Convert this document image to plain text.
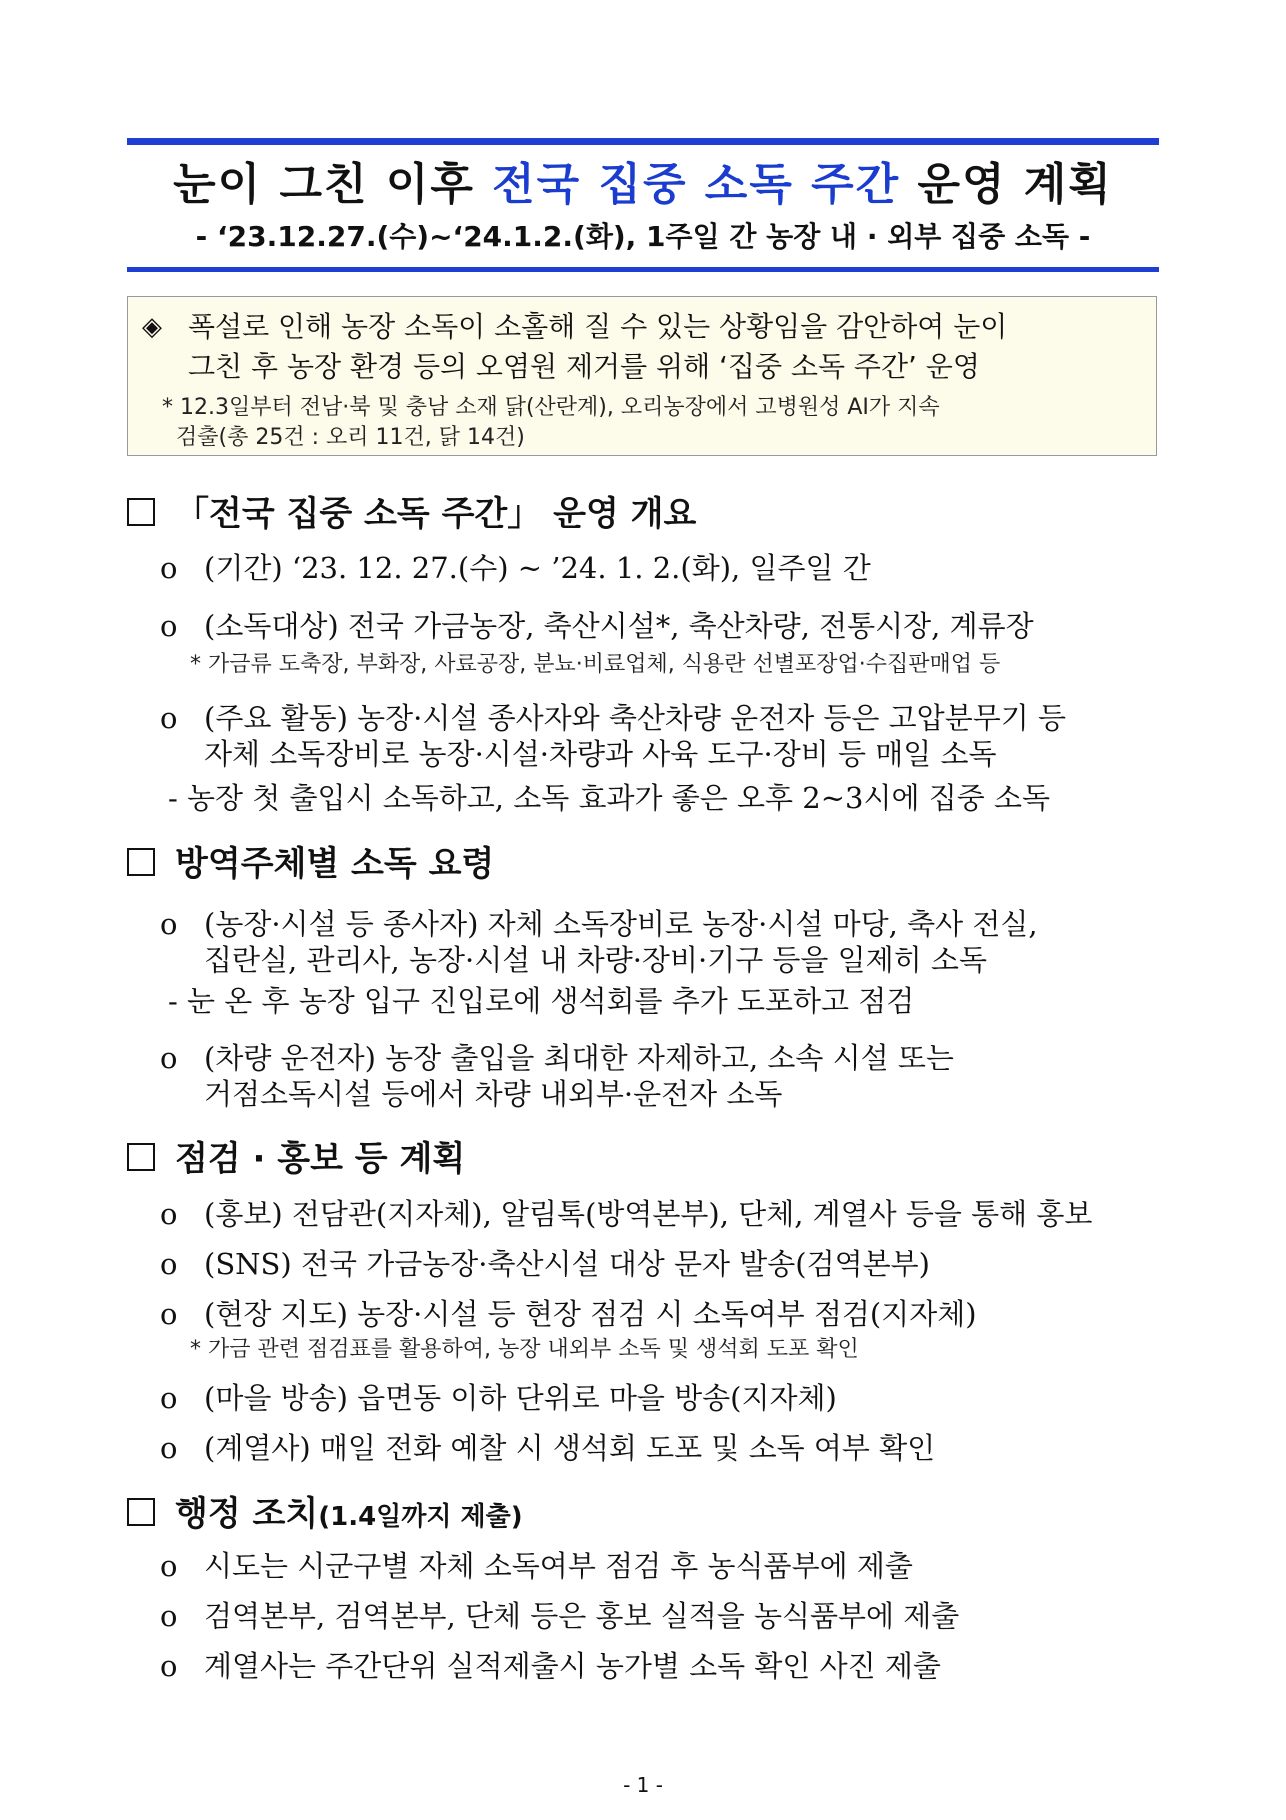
눈이 그친 이후 전국 집중 소독 주간 운영 계획
- ‘23.12.27.(수)~‘24.1.2.(화), 1주일 간 농장 내 · 외부 집중 소독 -
◈ 폭설로 인해 농장 소독이 소홀해 질 수 있는 상황임을 감안하여 눈이
그친 후 농장 환경 등의 오염원 제거를 위해 ‘집중 소독 주간’ 운영
* 12.3일부터 전남·북 및 충남 소재 닭(산란계), 오리농장에서 고병원성 AI가 지속
검출(총 25건 : 오리 11건, 닭 14건)
「전국 집중 소독 주간」 운영 개요
o (기간) ‘23. 12. 27.(수) ~ ’24. 1. 2.(화), 일주일 간
o (소독대상) 전국 가금농장, 축산시설*, 축산차량, 전통시장, 계류장
* 가금류 도축장, 부화장, 사료공장, 분뇨·비료업체, 식용란 선별포장업·수집판매업 등
o (주요 활동) 농장·시설 종사자와 축산차량 운전자 등은 고압분무기 등
자체 소독장비로 농장·시설·차량과 사육 도구·장비 등 매일 소독
- 농장 첫 출입시 소독하고, 소독 효과가 좋은 오후 2~3시에 집중 소독
방역주체별 소독 요령
o (농장·시설 등 종사자) 자체 소독장비로 농장·시설 마당, 축사 전실,
집란실, 관리사, 농장·시설 내 차량·장비·기구 등을 일제히 소독
- 눈 온 후 농장 입구 진입로에 생석회를 추가 도포하고 점검
o (차량 운전자) 농장 출입을 최대한 자제하고, 소속 시설 또는
거점소독시설 등에서 차량 내외부·운전자 소독
점검 · 홍보 등 계획
o (홍보) 전담관(지자체), 알림톡(방역본부), 단체, 계열사 등을 통해 홍보
o (SNS) 전국 가금농장·축산시설 대상 문자 발송(검역본부)
o (현장 지도) 농장·시설 등 현장 점검 시 소독여부 점검(지자체)
* 가금 관련 점검표를 활용하여, 농장 내외부 소독 및 생석회 도포 확인
o (마을 방송) 읍면동 이하 단위로 마을 방송(지자체)
o (계열사) 매일 전화 예찰 시 생석회 도포 및 소독 여부 확인
행정 조치(1.4일까지 제출)
o 시도는 시군구별 자체 소독여부 점검 후 농식품부에 제출
o 검역본부, 검역본부, 단체 등은 홍보 실적을 농식품부에 제출
o 계열사는 주간단위 실적제출시 농가별 소독 확인 사진 제출
- 1 -
